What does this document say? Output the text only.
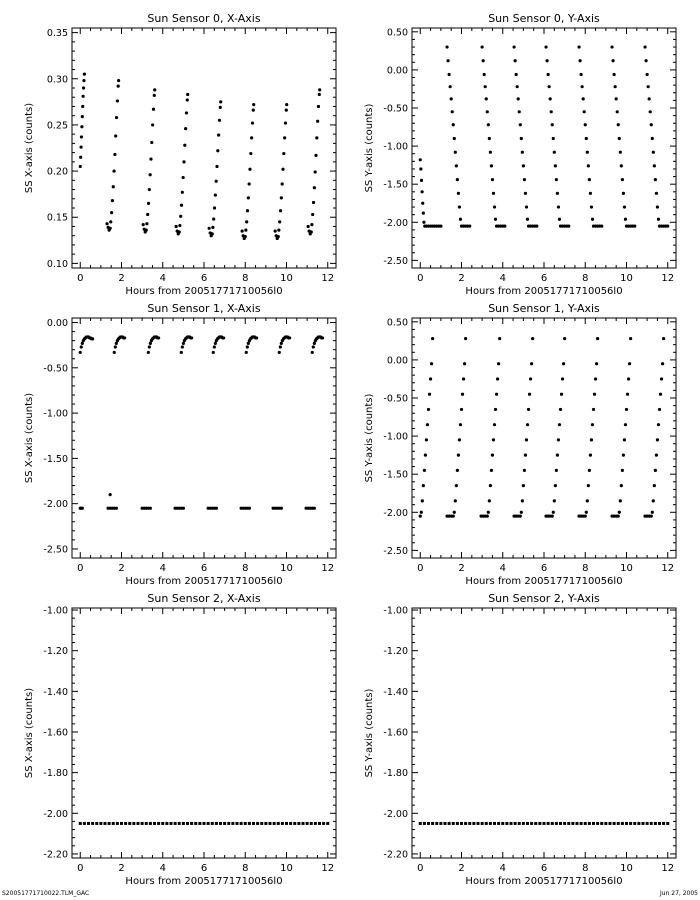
Sun Sensor 0, X-Axis
Hours from 20051771710056l0
SS X-axis (counts)
0	2	4	6	8	10	12
0.10
0.15
0.20
0.25
0.30
0.35
Sun Sensor 0, Y-Axis
Hours from 20051771710056l0
SS Y-axis (counts)
0	2	4	6	8	10	12
-2.50
-2.00
-1.50
-1.00
-0.50
0.00
0.50
Sun Sensor 1, X-Axis
Hours from 20051771710056l0
SS X-axis (counts)
0	2	4	6	8	10	12
-2.50
-2.00
-1.50
-1.00
-0.50
0.00
Sun Sensor 1, Y-Axis
Hours from 20051771710056l0
SS Y-axis (counts)
0	2	4	6	8	10	12
-2.50
-2.00
-1.50
-1.00
-0.50
0.00
0.50
Sun Sensor 2, X-Axis
Hours from 20051771710056l0
SS X-axis (counts)
0	2	4	6	8	10	12
-2.20
-2.00
-1.80
-1.60
-1.40
-1.20
-1.00
Sun Sensor 2, Y-Axis
Hours from 20051771710056l0
SS Y-axis (counts)
0	2	4	6	8	10	12
-2.20
-2.00
-1.80
-1.60
-1.40
-1.20
-1.00
S20051771710022.TLM_GAC	Jun 27, 2005
